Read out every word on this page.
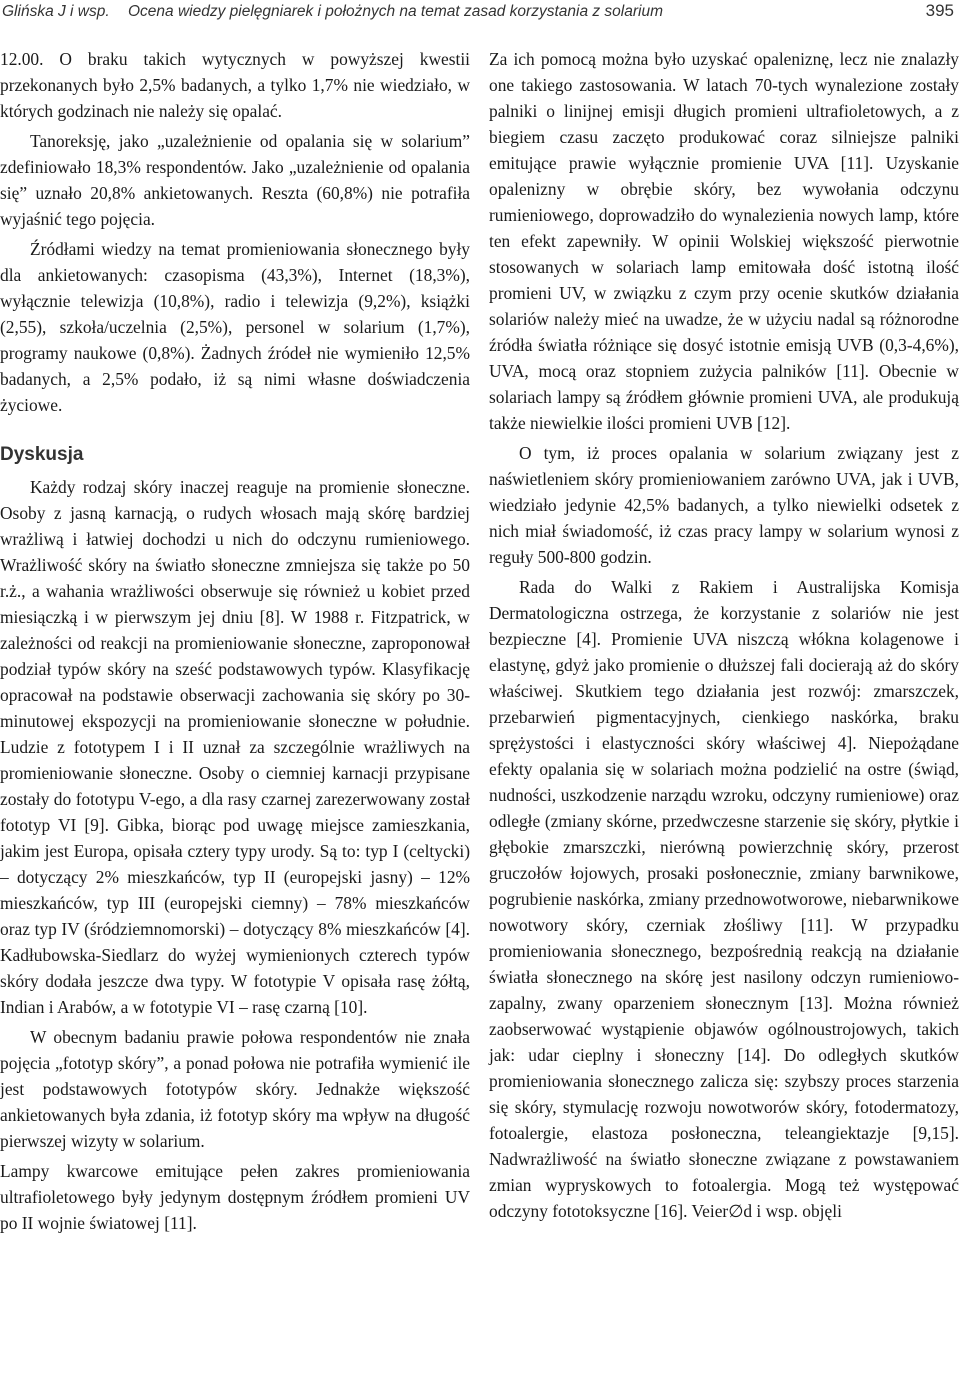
Glińska J i wsp. Ocena wiedzy pielęgniarek i położnych na temat zasad korzystania z solarium	395

12.00. O braku takich wytycznych w powyższej kwestii przekonanych było 2,5% badanych, a tylko 1,7% nie wiedziało, w których godzinach nie należy się opalać.

Tanoreksję, jako „uzależnienie od opalania się w solarium” zdefiniowało 18,3% respondentów. Jako „uzależnienie od opalania się” uznało 20,8% ankietowanych. Reszta (60,8%) nie potrafiła wyjaśnić tego pojęcia.

Źródłami wiedzy na temat promieniowania słonecznego były dla ankietowanych: czasopisma (43,3%), Internet (18,3%), wyłącznie telewizja (10,8%), radio i telewizja (9,2%), książki (2,55), szkoła/uczelnia (2,5%), personel w solarium (1,7%), programy naukowe (0,8%). Żadnych źródeł nie wymieniło 12,5% badanych, a 2,5% podało, iż są nimi własne doświadczenia życiowe.

Dyskusja

Każdy rodzaj skóry inaczej reaguje na promienie słoneczne. Osoby z jasną karnacją, o rudych włosach mają skórę bardziej wrażliwą i łatwiej dochodzi u nich do odczynu rumieniowego. Wrażliwość skóry na światło słoneczne zmniejsza się także po 50 r.ż., a wahania wrażliwości obserwuje się również u kobiet przed miesiączką i w pierwszym jej dniu [8]. W 1988 r. Fitzpatrick, w zależności od reakcji na promieniowanie słoneczne, zaproponował podział typów skóry na sześć podstawowych typów. Klasyfikację opracował na podstawie obserwacji zachowania się skóry po 30-minutowej ekspozycji na promieniowanie słoneczne w południe. Ludzie z fototypem I i II uznał za szczególnie wrażliwych na promieniowanie słoneczne. Osoby o ciemniej karnacji przypisane zostały do fototypu V-ego, a dla rasy czarnej zarezerwowany został fototyp VI [9]. Gibka, biorąc pod uwagę miejsce zamieszkania, jakim jest Europa, opisała cztery typy urody. Są to: typ I (celtycki) – dotyczący 2% mieszkańców, typ II (europejski jasny) – 12% mieszkańców, typ III (europejski ciemny) – 78% mieszkańców oraz typ IV (śródziemnomorski) – dotyczący 8% mieszkańców [4]. Kadłubowska-Siedlarz do wyżej wymienionych czterech typów skóry dodała jeszcze dwa typy. W fototypie V opisała rasę żółtą, Indian i Arabów, a w fototypie VI – rasę czarną [10].

W obecnym badaniu prawie połowa respondentów nie znała pojęcia „fototyp skóry”, a ponad połowa nie potrafiła wymienić ile jest podstawowych fototypów skóry. Jednakże większość ankietowanych była zdania, iż fototyp skóry ma wpływ na długość pierwszej wizyty w solarium.

Lampy kwarcowe emitujące pełen zakres promieniowania ultrafioletowego były jedynym dostępnym źródłem promieni UV po II wojnie światowej [11].

Za ich pomocą można było uzyskać opaleniznę, lecz nie znalazły one takiego zastosowania. W latach 70-tych wynalezione zostały palniki o linijnej emisji długich promieni ultrafioletowych, a z biegiem czasu zaczęto produkować coraz silniejsze palniki emitujące prawie wyłącznie promienie UVA [11]. Uzyskanie opalenizny w obrębie skóry, bez wywołania odczynu rumieniowego, doprowadziło do wynalezienia nowych lamp, które ten efekt zapewniły. W opinii Wolskiej większość pierwotnie stosowanych w solariach lamp emitowała dość istotną ilość promieni UV, w związku z czym przy ocenie skutków działania solariów należy mieć na uwadze, że w użyciu nadal są różnorodne źródła światła różniące się dosyć istotnie emisją UVB (0,3-4,6%), UVA, mocą oraz stopniem zużycia palników [11]. Obecnie w solariach lampy są źródłem głównie promieni UVA, ale produkują także niewielkie ilości promieni UVB [12].

O tym, iż proces opalania w solarium związany jest z naświetleniem skóry promieniowaniem zarówno UVA, jak i UVB, wiedziało jedynie 42,5% badanych, a tylko niewielki odsetek z nich miał świadomość, iż czas pracy lampy w solarium wynosi z reguły 500-800 godzin.

Rada do Walki z Rakiem i Australijska Komisja Dermatologiczna ostrzega, że korzystanie z solariów nie jest bezpieczne [4]. Promienie UVA niszczą włókna kolagenowe i elastynę, gdyż jako promienie o dłuższej fali docierają aż do skóry właściwej. Skutkiem tego działania jest rozwój: zmarszczek, przebarwień pigmentacyjnych, cienkiego naskórka, braku sprężystości i elastyczności skóry właściwej 4]. Niepożądane efekty opalania się w solariach można podzielić na ostre (świąd, nudności, uszkodzenie narządu wzroku, odczyny rumieniowe) oraz odległe (zmiany skórne, przedwczesne starzenie się skóry, płytkie i głębokie zmarszczki, nierówną powierzchnię skóry, przerost gruczołów łojowych, prosaki posłonecznie, zmiany barwnikowe, pogrubienie naskórka, zmiany przednowotworowe, niebarwnikowe nowotwory skóry, czerniak złośliwy [11]. W przypadku promieniowania słonecznego, bezpośrednią reakcją na działanie światła słonecznego na skórę jest nasilony odczyn rumieniowo-zapalny, zwany oparzeniem słonecznym [13]. Można również zaobserwować wystąpienie objawów ogólnoustrojowych, takich jak: udar cieplny i słoneczny [14]. Do odległych skutków promieniowania słonecznego zalicza się: szybszy proces starzenia się skóry, stymulację rozwoju nowotworów skóry, fotodermatozy, fotoalergie, elastoza posłoneczna, teleangiektazje [9,15]. Nadwrażliwość na światło słoneczne związane z powstawaniem zmian wypryskowych to fotoalergia. Mogą też występować odczyny fototoksyczne [16]. Veier∅d i wsp. objęli
